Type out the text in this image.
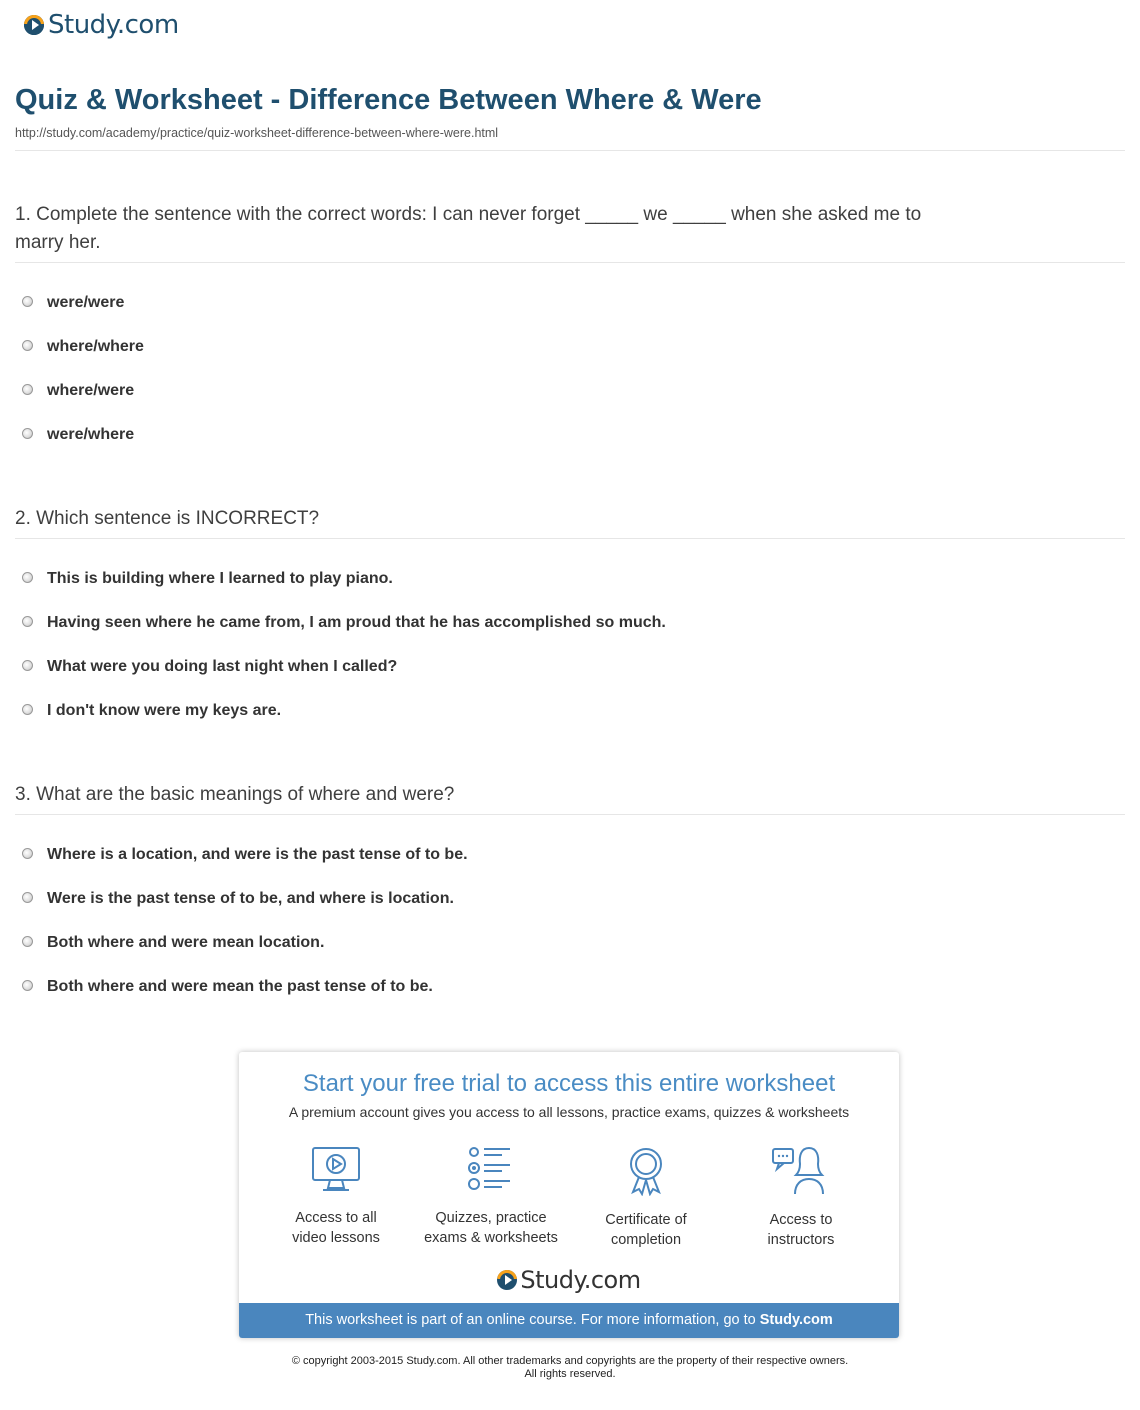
Study.com
Quiz & Worksheet - Difference Between Where & Were
http://study.com/academy/practice/quiz-worksheet-difference-between-where-were.html
1. Complete the sentence with the correct words: I can never forget _____ we _____ when she asked me to marry her.
were/were
where/where
where/were
were/where
2. Which sentence is INCORRECT?
This is building where I learned to play piano.
Having seen where he came from, I am proud that he has accomplished so much.
What were you doing last night when I called?
I don't know were my keys are.
3. What are the basic meanings of where and were?
Where is a location, and were is the past tense of to be.
Were is the past tense of to be, and where is location.
Both where and were mean location.
Both where and were mean the past tense of to be.
Start your free trial to access this entire worksheet
A premium account gives you access to all lessons, practice exams, quizzes & worksheets
Access to all
video lessons
Quizzes, practice
exams & worksheets
Certificate of
completion
Access to
instructors
Study.com
This worksheet is part of an online course. For more information, go to Study.com
© copyright 2003-2015 Study.com. All other trademarks and copyrights are the property of their respective owners.
All rights reserved.
